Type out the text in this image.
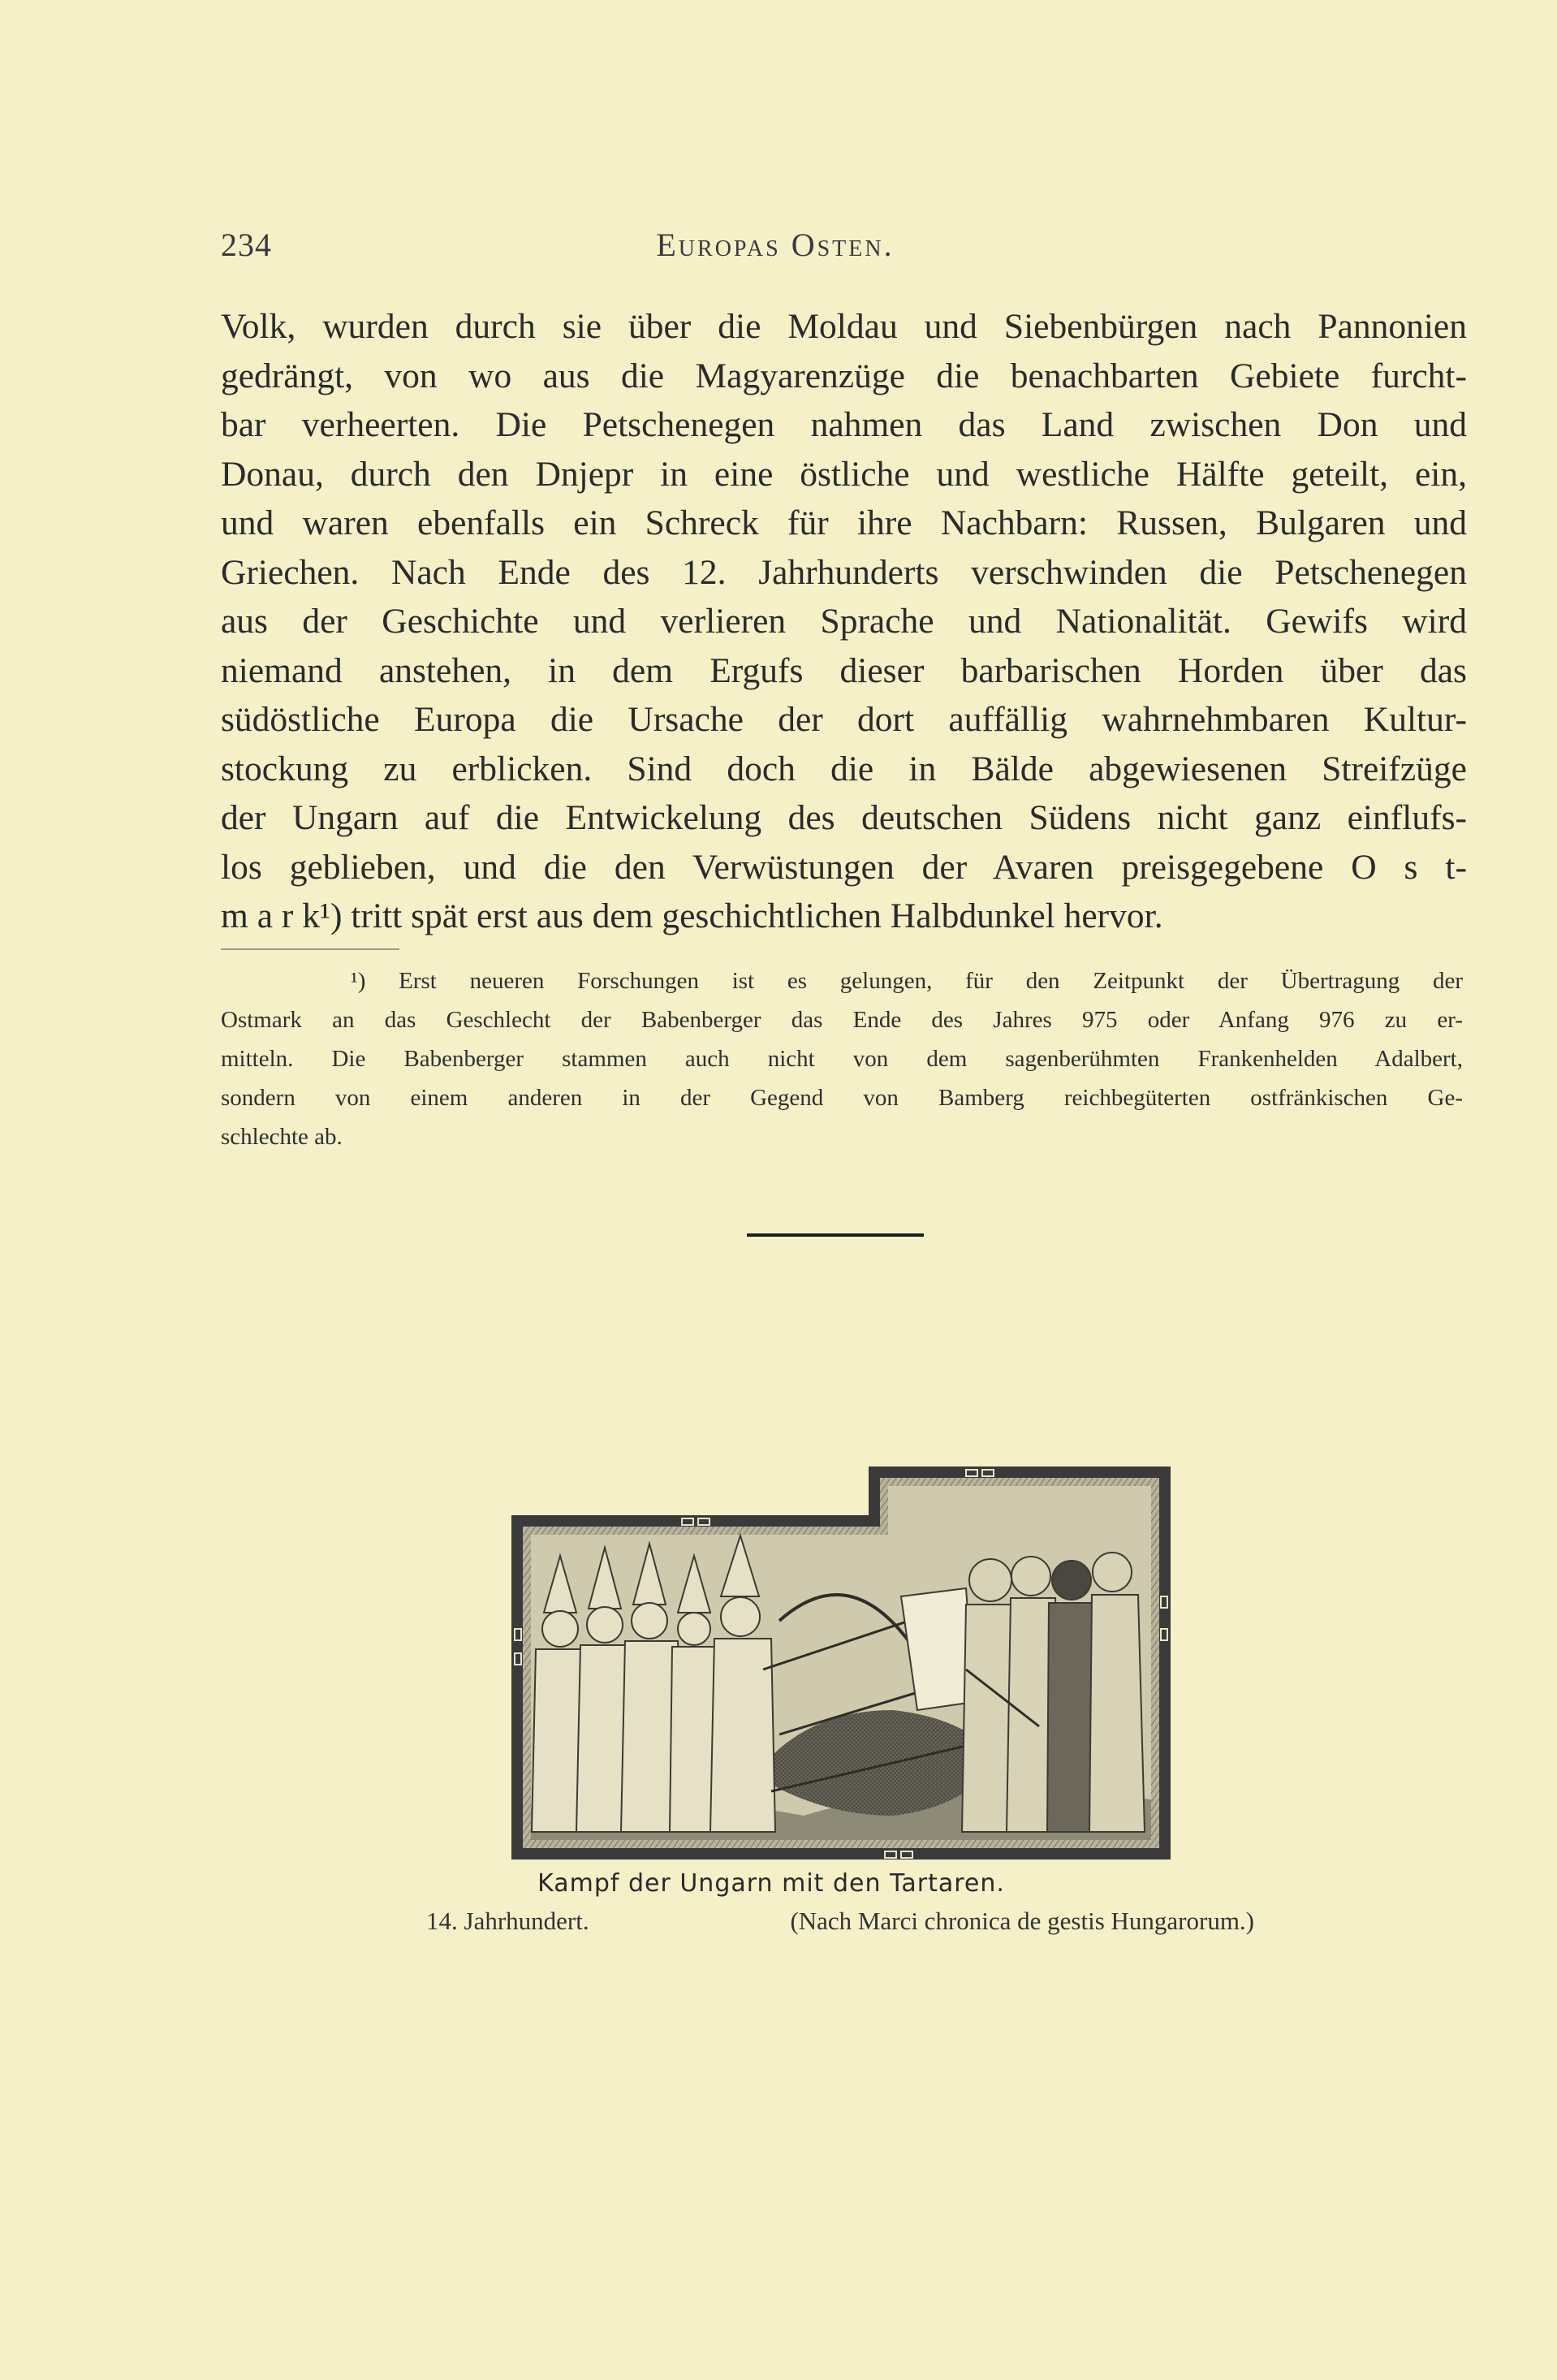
234	Europas Osten.
Volk, wurden durch sie über die Moldau und Siebenbürgen nach Pannonien
gedrängt, von wo aus die Magyarenzüge die benachbarten Gebiete furcht-
bar verheerten. Die Petschenegen nahmen das Land zwischen Don und
Donau, durch den Dnjepr in eine östliche und westliche Hälfte geteilt, ein,
und waren ebenfalls ein Schreck für ihre Nachbarn: Russen, Bulgaren und
Griechen. Nach Ende des 12. Jahrhunderts verschwinden die Petschenegen
aus der Geschichte und verlieren Sprache und Nationalität. Gewifs wird
niemand anstehen, in dem Ergufs dieser barbarischen Horden über das
südöstliche Europa die Ursache der dort auffällig wahrnehmbaren Kultur-
stockung zu erblicken. Sind doch die in Bälde abgewiesenen Streifzüge
der Ungarn auf die Entwickelung des deutschen Südens nicht ganz einflufs-
los geblieben, und die den Verwüstungen der Avaren preisgegebene O s t-
m a r k¹) tritt spät erst aus dem geschichtlichen Halbdunkel hervor.
¹) Erst neueren Forschungen ist es gelungen, für den Zeitpunkt der Übertragung der
Ostmark an das Geschlecht der Babenberger das Ende des Jahres 975 oder Anfang 976 zu er-
mitteln. Die Babenberger stammen auch nicht von dem sagenberühmten Frankenhelden Adalbert,
sondern von einem anderen in der Gegend von Bamberg reichbegüterten ostfränkischen Ge-
schlechte ab.
Kampf der Ungarn mit den Tartaren.
14. Jahrhundert.	(Nach Marci chronica de gestis Hungarorum.)
